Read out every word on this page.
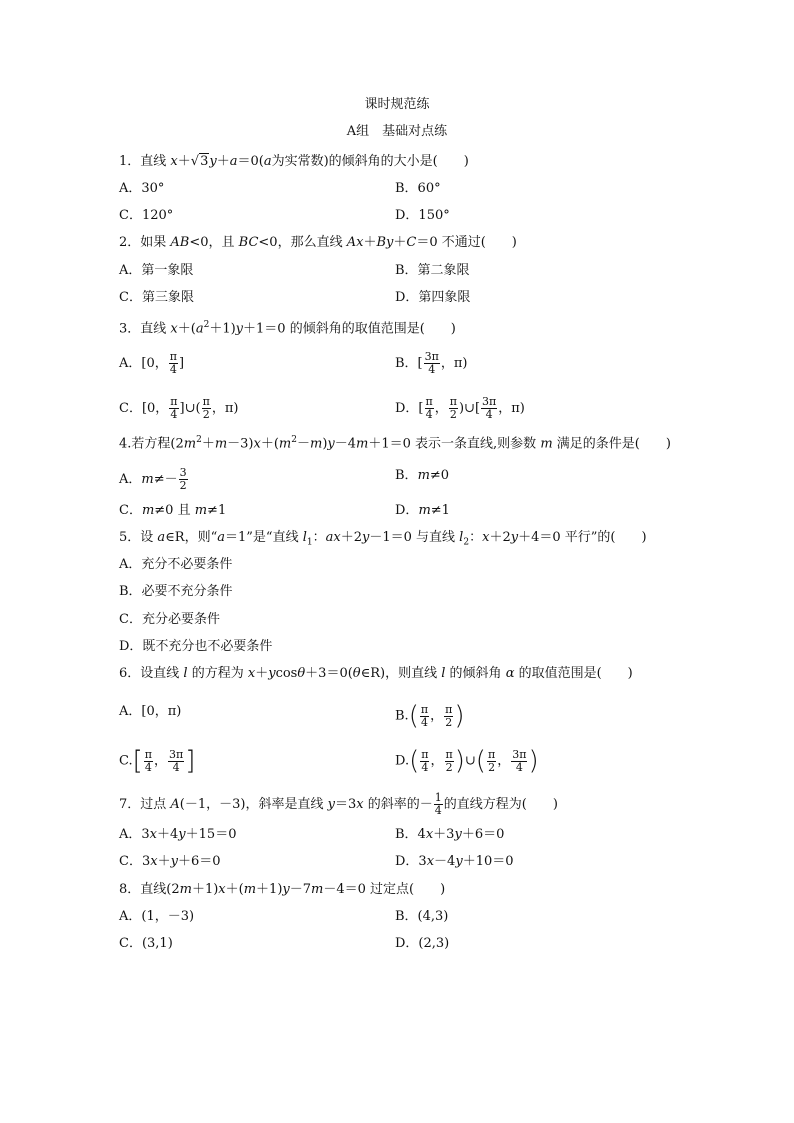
课时规范练
A组　基础对点练
1．直线 x＋√3y＋a＝0(a为实常数)的倾斜角的大小是(　　)
A．30°	B．60°
C．120°	D．150°
2．如果 AB<0，且 BC<0，那么直线 Ax＋By＋C＝0 不通过(　　)
A．第一象限	B．第二象限
C．第三象限	D．第四象限
3．直线 $x+(a^2+1)y+1=0$ 的倾斜角的取值范围是(　　)
A．[0， $\frac{\pi}{4}$ ]	B．[ $\frac{3\pi}{4}$ ，π)
C．[0， $\frac{\pi}{4}$ ]∪( $\frac{\pi}{2}$ ，π)	D．[ $\frac{\pi}{4}$ ， $\frac{\pi}{2}$ )∪[ $\frac{3\pi}{4}$ ，π)
4.若方程$(2m^2+m-3)x+(m^2-m)y-4m+1=0$ 表示一条直线,则参数 m 满足的条件是(　　)
A．$m\ne- \frac{3}{2}$	B．m≠0
C．m≠0 且 m≠1	D．m≠1
5．设 a∈R，则“a＝1”是“直线 $l_1$：ax＋2y－1＝0 与直线 $l_2$：x＋2y＋4＝0 平行”的(　　)
A．充分不必要条件
B．必要不充分条件
C．充分必要条件
D．既不充分也不必要条件
6．设直线 l 的方程为 x＋ycosθ＋3＝0(θ∈R)，则直线 l 的倾斜角 α 的取值范围是(　　)
A．[0，π)	$B.( \frac{\pi}{4}$ ， $\frac{\pi}{2}$ )
$C.[ \frac{\pi}{4}$ ， $\frac{3\pi}{4}$ ]	$D.( \frac{\pi}{4}$ ， $\frac{\pi}{2}$ )∪( $\frac{\pi}{2}$ ， $\frac{3\pi}{4}$ )
7．过点 A(－1，－3)，斜率是直线 y＝3x 的斜率的－ $\frac{1}{4}$ 的直线方程为(　　)
A．3x＋4y＋15＝0	B．4x＋3y＋6＝0
C．3x＋y＋6＝0	D．3x－4y＋10＝0
8．直线(2m＋1)x＋(m＋1)y－7m－4＝0 过定点(　　)
A．(1，－3)	B．(4,3)
C．(3,1)	D．(2,3)
